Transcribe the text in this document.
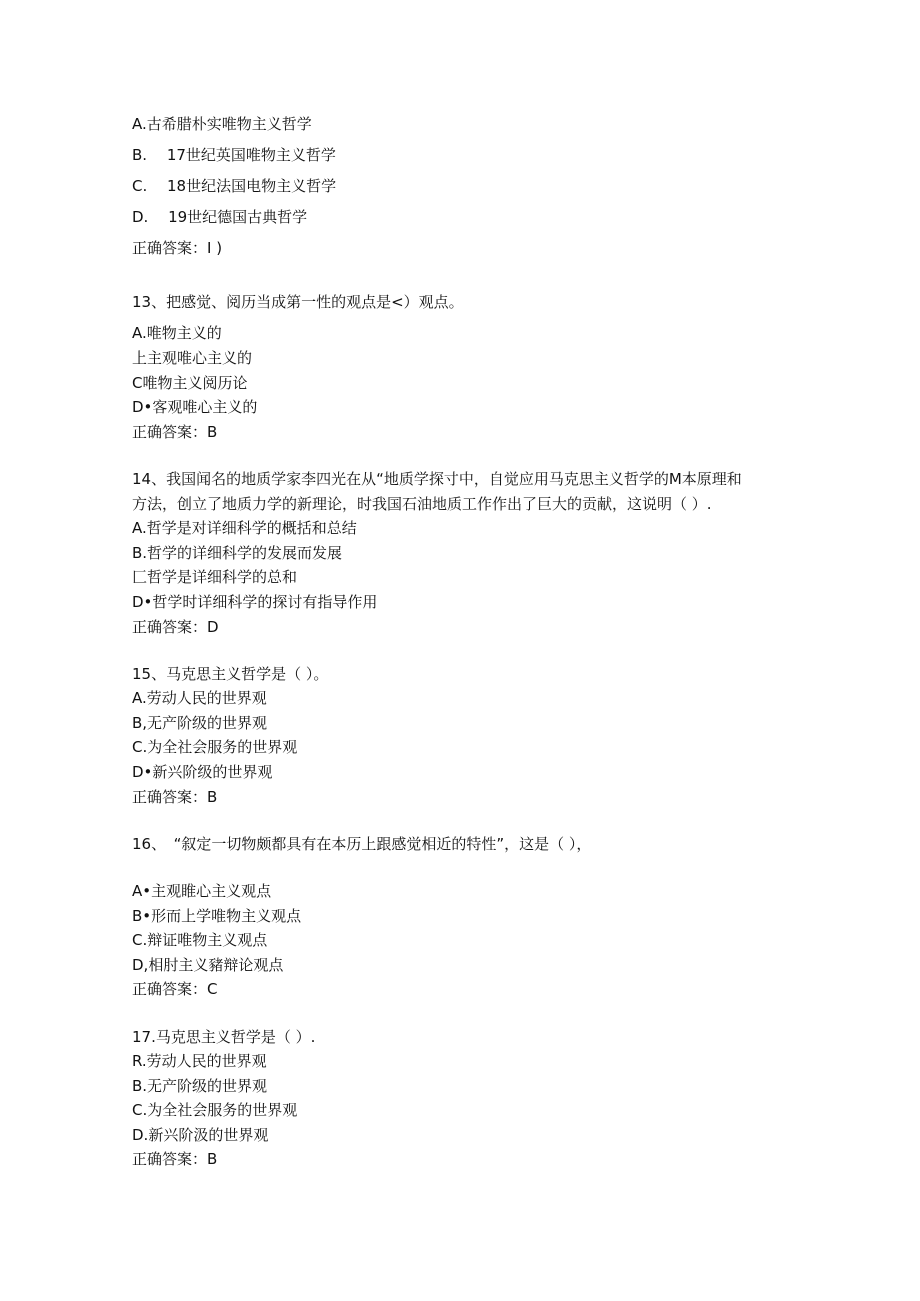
A.古希腊朴实唯物主义哲学
B.　 17世纪英国唯物主义哲学
C.　 18世纪法国电物主义哲学
D.　 19世纪德国古典哲学
正确答案：I )
13、把感觉、阅历当成第一性的观点是<）观点。
A.唯物主义的
上主观唯心主义的
C唯物主义阅历论
D•客观唯心主义的
正确答案：B
14、我国闻名的地质学家李四光在从“地质学探寸中，自觉应用马克思主义哲学的M本原理和
方法，创立了地质力学的新理论，时我国石油地质工作作出了巨大的贡献，这说明（ ）.
A.哲学是对详细科学的概括和总结
B.哲学的详细科学的发展而发展
匚哲学是详细科学的总和
D•哲学时详细科学的探讨有指导作用
正确答案：D
15、马克思主义哲学是（ ）。
A.劳动人民的世界观
B,无产阶级的世界观
C.为全社会服务的世界观
D•新兴阶级的世界观
正确答案：B
16、　“叙定一切物颇都具有在本历上跟感觉相近的特性”，这是（ ），
A•主观睢心主义观点
B•形而上学唯物主义观点
C.辩证唯物主义观点
D,相肘主义豬辩论观点
正确答案：C
17.马克思主义哲学是（ ）.
R.劳动人民的世界观
B.无产阶级的世界观
C.为全社会服务的世界观
D.新兴阶汲的世界观
正确答案：B
